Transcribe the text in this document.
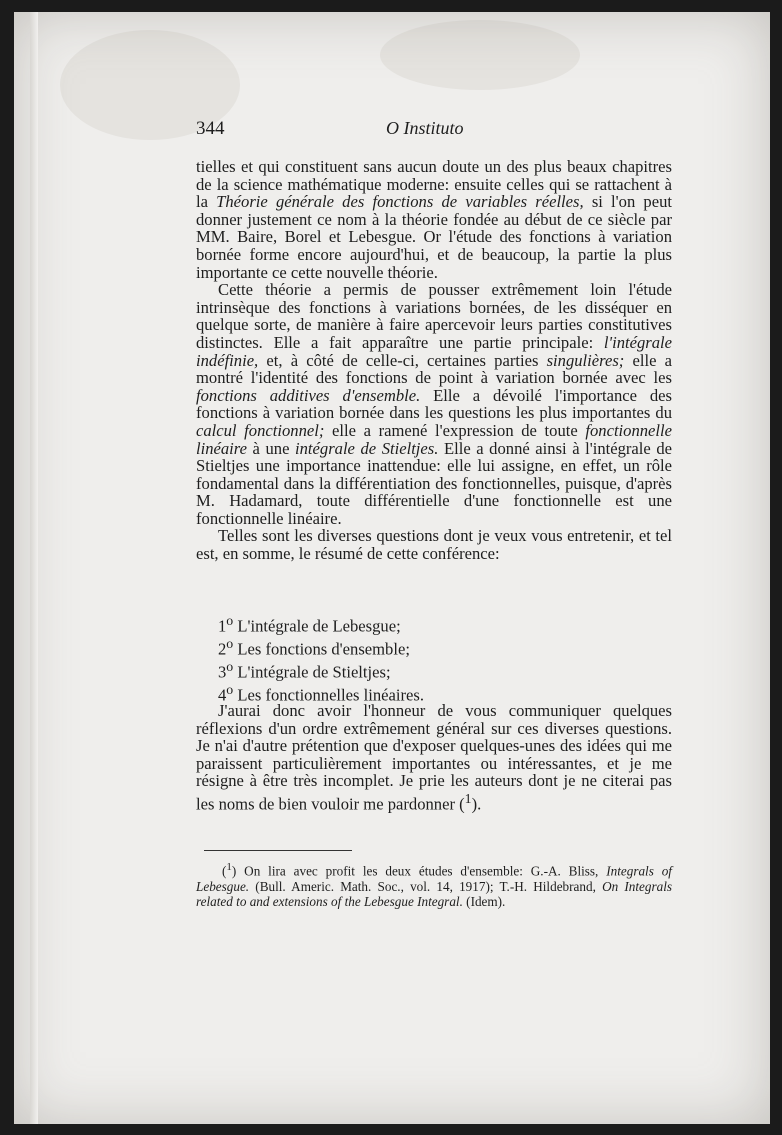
344	O Instituto

tielles et qui constituent sans aucun doute un des plus beaux chapitres de la science mathématique moderne: ensuite celles qui se rattachent à la Théorie générale des fonctions de variables réelles, si l'on peut donner justement ce nom à la théorie fondée au début de ce siècle par MM. Baire, Borel et Lebesgue. Or l'étude des fonctions à variation bornée forme encore aujourd'hui, et de beaucoup, la partie la plus importante ce cette nouvelle théorie.

Cette théorie a permis de pousser extrêmement loin l'étude intrinsèque des fonctions à variations bornées, de les disséquer en quelque sorte, de manière à faire apercevoir leurs parties constitutives distinctes. Elle a fait apparaître une partie principale: l'intégrale indéfinie, et, à côté de celle-ci, certaines parties singulières; elle a montré l'identité des fonctions de point à variation bornée avec les fonctions additives d'ensemble. Elle a dévoilé l'importance des fonctions à variation bornée dans les questions les plus importantes du calcul fonctionnel; elle a ramené l'expression de toute fonctionnelle linéaire à une intégrale de Stieltjes. Elle a donné ainsi à l'intégrale de Stieltjes une importance inattendue: elle lui assigne, en effet, un rôle fondamental dans la différentiation des fonctionnelles, puisque, d'après M. Hadamard, toute différentielle d'une fonctionnelle est une fonctionnelle linéaire.

Telles sont les diverses questions dont je veux vous entretenir, et tel est, en somme, le résumé de cette conférence:

1$^o$ L'intégrale de Lebesgue;
2$^o$ Les fonctions d'ensemble;
3$^o$ L'intégrale de Stieltjes;
4$^o$ Les fonctionnelles linéaires.

J'aurai donc avoir l'honneur de vous communiquer quelques réflexions d'un ordre extrêmement général sur ces diverses questions. Je n'ai d'autre prétention que d'exposer quelques-unes des idées qui me paraissent particulièrement importantes ou intéressantes, et je me résigne à être très incomplet. Je prie les auteurs dont je ne citerai pas les noms de bien vouloir me pardonner ($^1$).

($^1$) On lira avec profit les deux études d'ensemble: G.-A. Bliss, Integrals of Lebesgue. (Bull. Americ. Math. Soc., vol. 14, 1917); T.-H. Hildebrand, On Integrals related to and extensions of the Lebesgue Integral. (Idem).
